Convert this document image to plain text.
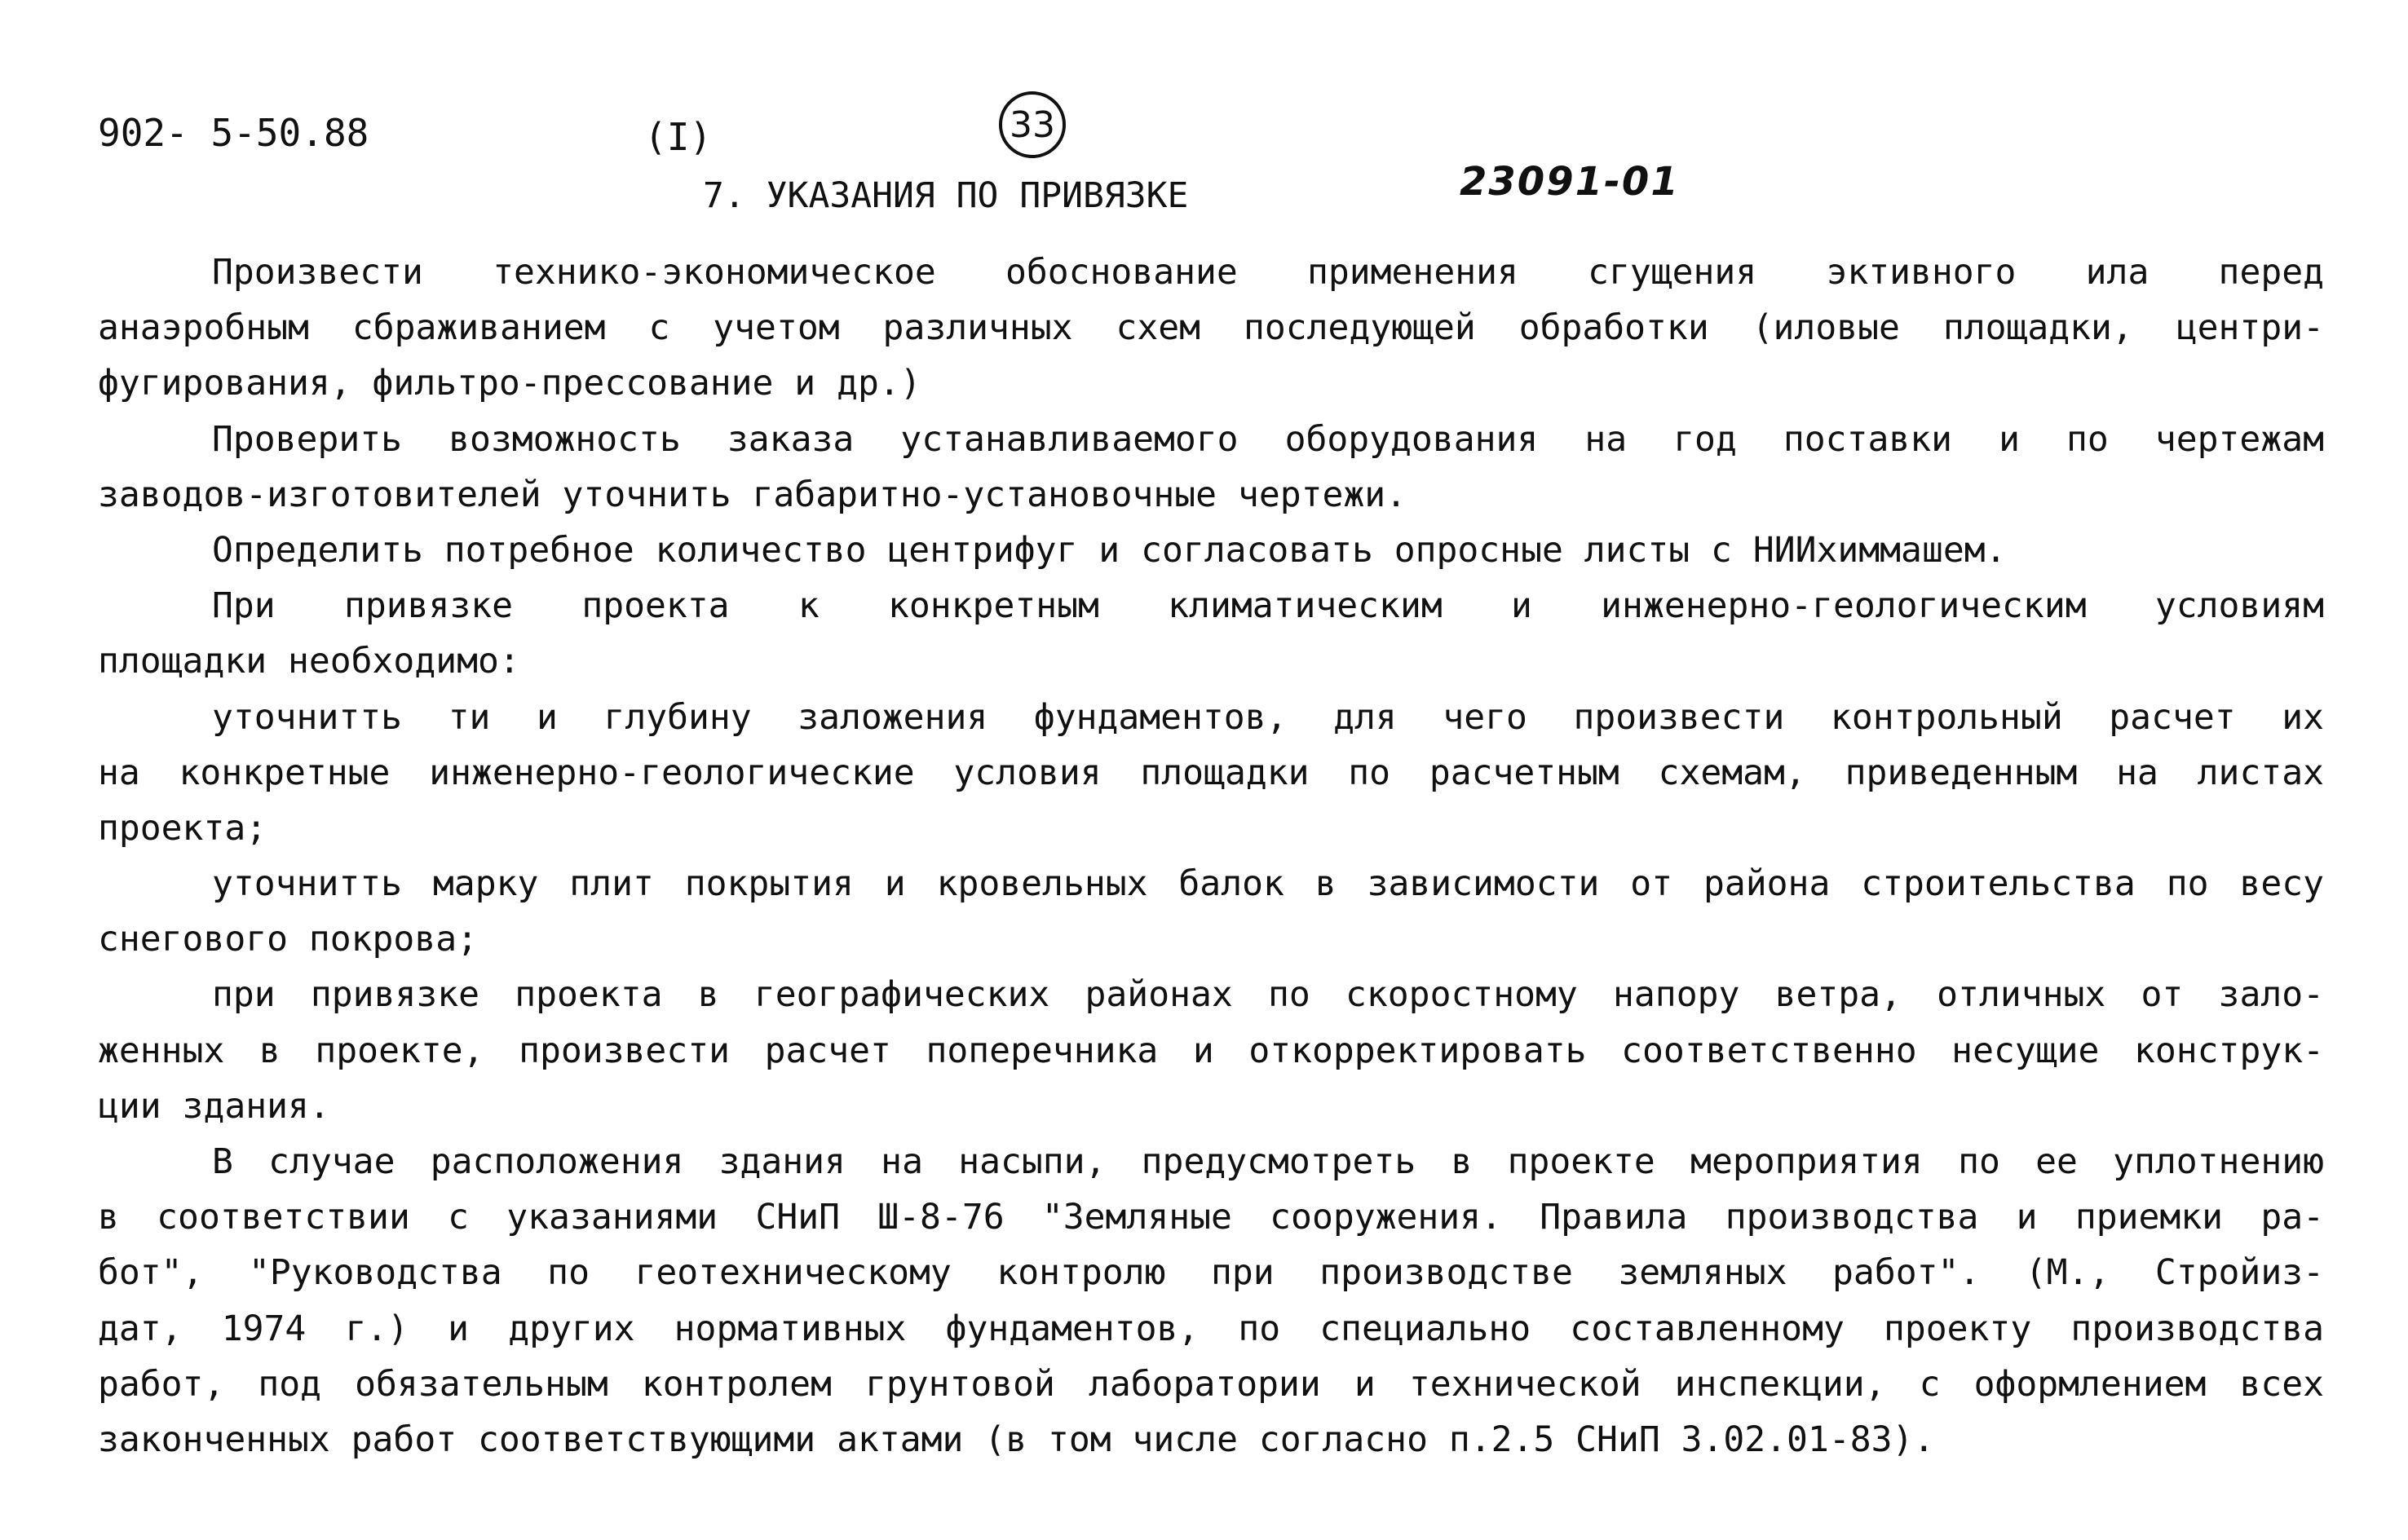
902- 5-50.88	(I)	33
23091-01
7. УКАЗАНИЯ ПО ПРИВЯЗКЕ
Произвести технико-экономическое обоснование применения сгущения эктивного ила перед
анаэробным сбраживанием с учетом различных схем последующей обработки (иловые площадки, центри-
фугирования, фильтро-прессование и др.)
Проверить возможность заказа устанавливаемого оборудования на год поставки и по чертежам
заводов-изготовителей уточнить габаритно-установочные чертежи.
Определить потребное количество центрифуг и согласовать опросные листы с НИИхиммашем.
При привязке проекта к конкретным климатическим и инженерно-геологическим условиям
площадки необходимо:
уточнитть ти и глубину заложения фундаментов, для чего произвести контрольный расчет их
на конкретные инженерно-геологические условия площадки по расчетным схемам, приведенным на листах
проекта;
уточнитть марку плит покрытия и кровельных балок в зависимости от района строительства по весу
снегового покрова;
при привязке проекта в географических районах по скоростному напору ветра, отличных от зало-
женных в проекте, произвести расчет поперечника и откорректировать соответственно несущие конструк-
ции здания.
В случае расположения здания на насыпи, предусмотреть в проекте мероприятия по ее уплотнению
в соответствии с указаниями СНиП Ш-8-76 "Земляные сооружения. Правила производства и приемки ра-
бот", "Руководства по геотехническому контролю при производстве земляных работ". (М., Стройиз-
дат, 1974 г.) и других нормативных фундаментов, по специально составленному проекту производства
работ, под обязательным контролем грунтовой лаборатории и технической инспекции, с оформлением всех
законченных работ соответствующими актами (в том числе согласно п.2.5 СНиП 3.02.01-83).
